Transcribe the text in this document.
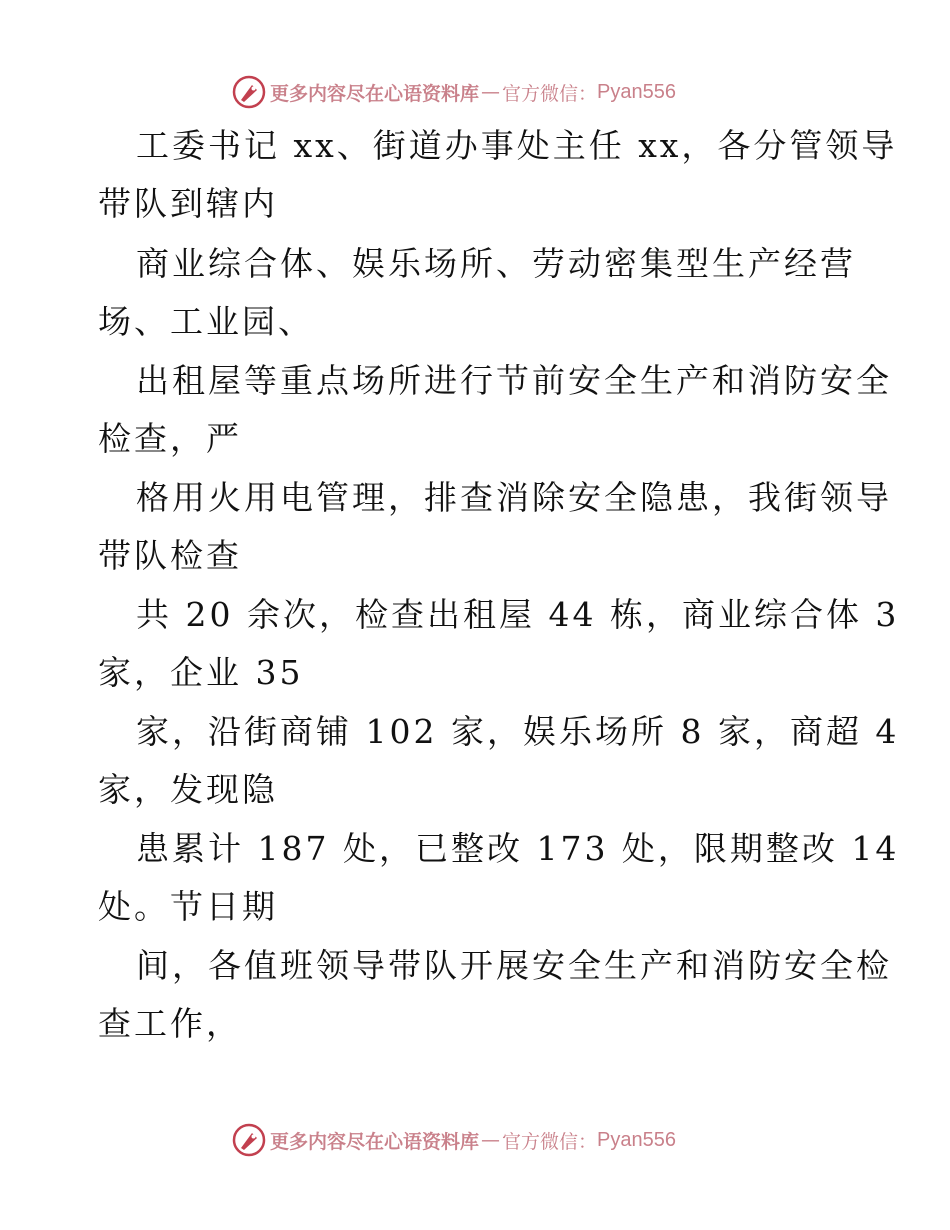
更多内容尽在心语资料库 — 官方微信： Pyan556
工委书记 xx、街道办事处主任 xx，各分管领导
带队到辖内
商业综合体、娱乐场所、劳动密集型生产经营
场、工业园、
出租屋等重点场所进行节前安全生产和消防安全
检查，严
格用火用电管理，排查消除安全隐患，我街领导
带队检查
共 20 余次，检查出租屋 44 栋，商业综合体 3
家，企业 35
家，沿街商铺 102 家，娱乐场所 8 家，商超 4
家，发现隐
患累计 187 处，已整改 173 处，限期整改 14
处。节日期
间，各值班领导带队开展安全生产和消防安全检
查工作，
更多内容尽在心语资料库 — 官方微信： Pyan556
